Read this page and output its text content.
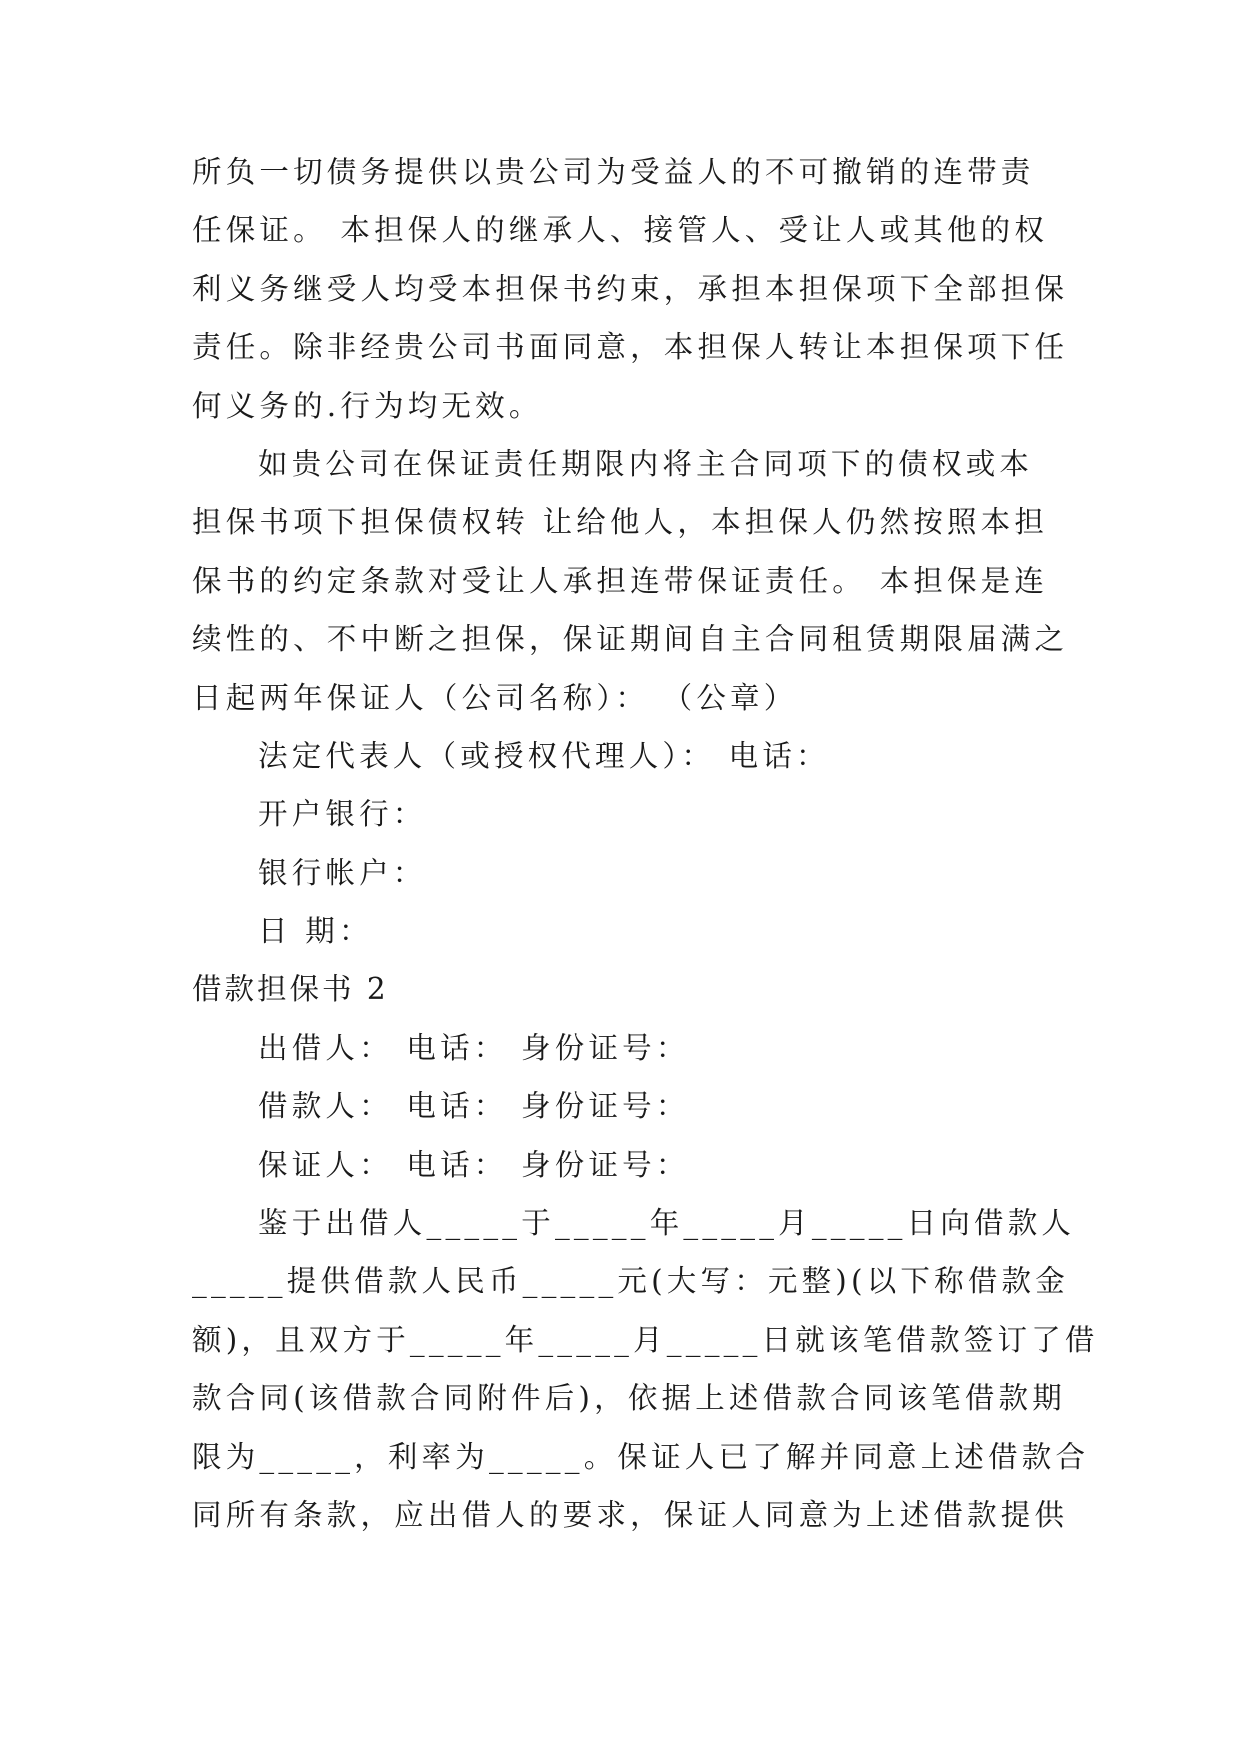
所负一切债务提供以贵公司为受益人的不可撤销的连带责
任保证。 本担保人的继承人、接管人、受让人或其他的权
利义务继受人均受本担保书约束，承担本担保项下全部担保
责任。除非经贵公司书面同意，本担保人转让本担保项下任
何义务的.行为均无效。
如贵公司在保证责任期限内将主合同项下的债权或本
担保书项下担保债权转 让给他人，本担保人仍然按照本担
保书的约定条款对受让人承担连带保证责任。 本担保是连
续性的、不中断之担保，保证期间自主合同租赁期限届满之
日起两年保证人（公司名称）： （公章）
法定代表人（或授权代理人）： 电话：
开户银行：
银行帐户：
日 期：
借款担保书 2
出借人： 电话： 身份证号：
借款人： 电话： 身份证号：
保证人： 电话： 身份证号：
鉴于出借人_____于_____年_____月_____日向借款人
_____提供借款人民币_____元(大写：元整)(以下称借款金
额)，且双方于_____年_____月_____日就该笔借款签订了借
款合同(该借款合同附件后)，依据上述借款合同该笔借款期
限为_____，利率为_____。保证人已了解并同意上述借款合
同所有条款，应出借人的要求，保证人同意为上述借款提供
